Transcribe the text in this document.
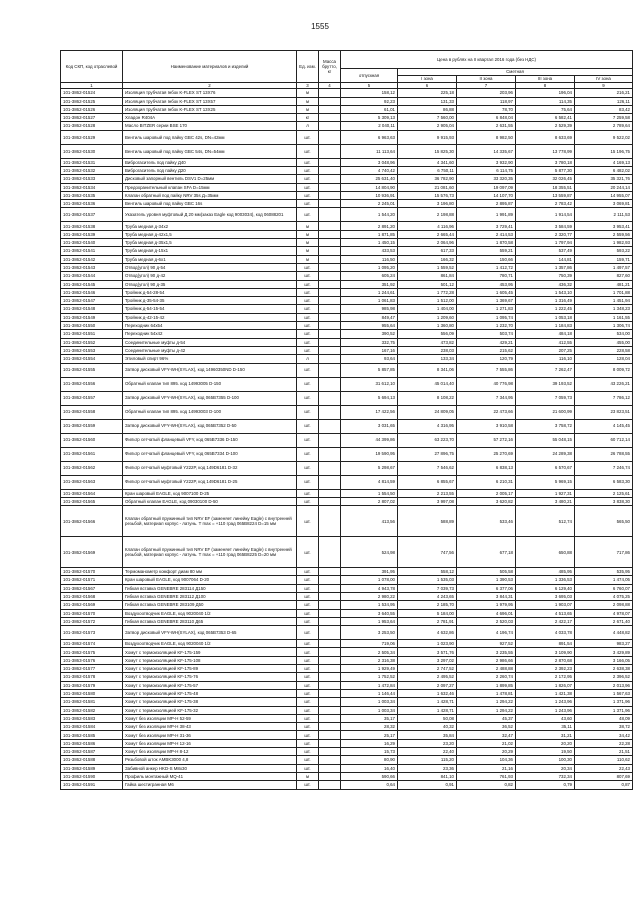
1555
Код СКП, код отраслевой	Наименование материалов и изделий	Ед. изм.	Масса брутто, кг	Цена в рублях на II квартал 2016 года (без НДС)				
				отпускная	Сметная			
					I зона	II зона	III зона	IV зона
1	2	3	4	5	6	7	8	9
101-3862-01524	Изоляция трубчатая Iнбок K-FLEX ST 13Х76	м		158,12	225,18	203,96	196,04	216,21
101-3862-01525	Изоляция трубчатая Iнбок K-FLEX ST 13Х57	м		92,23	131,33	118,97	114,35	126,11
101-3862-01526	Изоляция трубчатая Iнбок K-FLEX ST 13Х25	м		61,01	86,88	78,70	75,64	83,42
101-3862-01527	Хладон R404A	кг		5 309,13	7 560,00	6 848,04	6 582,41	7 259,58
101-3862-01528	Масло BITZER серии BSE 170	л		2 040,11	2 905,04	2 631,55	2 529,39	2 789,64
101-3862-01529	Вентиль шаровый под пайку GBC 42s, DN=42мм	шт.		6 963,63	9 915,93	8 982,50	8 633,69	9 522,02
101-3862-01530	Вентиль шаровый под пайку GBC 54s, DN=54мм	шт.		11 113,64	15 825,30	14 335,67	13 778,99	15 196,75
101-3862-01531	Виброгаситель под пайку Д40	шт.		3 048,96	4 341,60	3 932,90	3 780,18	4 169,13
101-3862-01532	Виброгаситель под пайку Д20	шт.		4 740,42	6 750,11	6 114,75	5 877,30	6 482,02
101-3862-01533	Дисковый запорный вентиль DSV1 D=25мм	шт.		25 631,40	36 782,90	33 320,35	32 026,45	35 321,76
101-3862-01534	Предохранительный клапан SFA D=15мм	шт.		14 804,90	21 081,60	19 097,09	18 355,51	20 244,14
101-3862-01535	Клапан обратный под пайку NRV 35s Д=35мм	шт.		10 936,91	15 576,73	14 107,70	13 559,87	14 955,07
101-3862-01536	Вентиль шаровый под пайку GBC 16s	шт.		2 245,01	3 196,80	2 895,87	2 783,42	3 069,81
101-3862-01537	Указатель уровня муфтовый Д 20 мм(заказ Eagle код 9003034), код 06088201	шт.		1 544,20	2 198,88	1 991,89	1 914,54	2 111,53
101-3862-01538	Труба медная д-34х2	м		2 891,20	4 116,96	3 729,41	3 584,59	3 953,41
101-3862-01539	Труба медная д-42х1,5	м		1 871,85	2 665,44	2 414,53	2 320,77	2 559,56
101-3862-01540	Труба медная д-35х1,5	м		1 450,15	2 064,96	1 870,58	1 797,94	1 982,93
101-3862-01541	Труба медная д-15х1	м		433,53	617,33	559,21	537,49	593,22
101-3862-01542	Труба медная д-6х1	м		116,50	166,32	150,66	144,81	159,71
101-3862-01543	Отвод(угол) 90 д-54	шт.		1 095,20	1 559,52	1 412,72	1 357,86	1 497,57
101-3862-01544	Отвод(угол) 90 д-42	шт.		605,24	861,84	780,71	750,39	827,60
101-3862-01545	Отвод(угол) 90 д-35	шт.		351,92	501,12	453,95	436,32	481,21
101-3862-01546	Тройник д-54-28-54	шт.		1 244,61	1 772,28	1 605,45	1 543,10	1 701,88
101-3862-01547	Тройник д-35-54-35	шт.		1 061,83	1 512,00	1 369,67	1 316,49	1 451,94
101-3862-01548	Тройник д-54-15-54	шт.		985,98	1 404,00	1 271,83	1 222,45	1 348,23
101-3862-01549	Тройник д-42-15-42	шт.		849,47	1 209,60	1 095,74	1 053,18	1 161,55
101-3862-01550	Переходник 64х54	шт.		955,64	1 360,80	1 232,70	1 184,83	1 306,74
101-3862-01551	Переходник 54х42	шт.		390,52	556,09	503,74	484,18	534,00
101-3862-01552	Соединительные муфты д-54	шт.		332,75	473,82	429,21	412,55	455,00
101-3862-01553	Соединительные муфты д-42	шт.		167,16	238,03	215,62	207,25	228,58
101-3862-01554	Этиловый спирт 96%	л		93,64	133,34	120,79	116,10	128,04
101-3862-01555	Затвор дисковый VFY-WH(SYLAX), код 14960350ND D-150	шт.		5 857,85	8 341,06	7 555,86	7 262,47	8 009,72
101-3862-01556	Обратный клапан тип 895. код 14993005 D-150	шт.		31 612,10	45 014,40	40 776,98	39 193,52	43 226,21
101-3862-01557	Затвор дисковый VFY-WH(SYLAX), код 065B7355 D-100	шт.		5 694,13	8 108,22	7 344,95	7 059,73	7 786,12
101-3862-01558	Обратный клапан тип 895. код 14993003 D-100	шт.		17 422,56	24 809,05	22 473,66	21 600,99	23 823,51
101-3862-01559	Затвор дисковый VFY-WH(SYLAX), код 065B7352 D-50	шт.		3 031,65	4 316,95	3 910,58	3 758,72	4 145,45
101-3862-01560	Фильтр сетчатый фланцевый VFY, код 065B7336 D-150	шт.		44 399,86	63 223,70	57 272,16	55 048,15	60 712,14
101-3862-01561	Фильтр сетчатый фланцевый VFY, код 065B7334 D-100	шт.		19 590,95	27 896,75	25 270,69	24 289,38	26 788,55
101-3862-01562	Фильтр сетчатый муфтовый Y222P, код 149D6181 D-32	шт.		5 298,67	7 546,62	6 838,13	6 570,67	7 246,74
101-3862-01563	Фильтр сетчатый муфтовый Y222P, код 149D6181 D-25	шт.		4 814,59	6 855,67	6 210,31	5 969,15	6 583,30
101-3862-01564	Кран шаровый EAGLE, код 9007100 D-25	шт.		1 554,50	2 213,55	2 005,17	1 927,31	2 125,61
101-3862-01565	Обратный клапан EAGLE, код 09030100 D-50	шт.		2 807,02	3 997,08	3 620,82	3 480,21	3 838,30
101-3862-01566	Клапан обратный пружинный тип NRV EF (заменяет линейку Eagle) с внутренней резьбой, материал корпус - латунь. Т max = +110 град 065B8224 D=15 мм	шт.		413,56	588,89	533,46	512,74	565,50
101-3862-01569	Клапан обратный пружинный тип NRV EF (заменяет линейку Eagle) с внутренней резьбой, материал корпус - латунь. Т max = +110 град 065B8225 D=20 мм	шт.		524,98	747,56	677,18	650,88	717,86
101-3862-01570	Термоманометр комфорт диам 80 мм	шт.		391,95	558,12	505,58	485,95	535,95
101-3862-01571	Кран шаровый EAGLE, код 9007064 D-20	шт.		1 078,00	1 535,03	1 390,53	1 336,53	1 474,05
101-3862-01567	Гибкая вставка GENEBRE 283114 Д150	шт.		4 943,78	7 039,73	6 377,06	6 129,40	6 760,07
101-3862-01568	Гибкая вставка GENEBRE 283112 Д100	шт.		2 980,22	4 243,65	3 844,31	3 695,03	4 075,25
101-3862-01569	Гибкая вставка GENEBRE 283109 Д50	шт.		1 534,95	2 185,70	1 979,95	1 903,07	2 098,88
101-3862-01570	Воздухоотводчик EAGLE, код 9020040 1/2	шт.		3 640,55	5 184,00	4 696,01	4 513,65	4 978,07
101-3862-01572	Гибкая вставка GENEBRE 283110 Д65	шт.		1 953,64	2 781,91	2 520,03	2 422,17	2 671,40
101-3862-01573	Затвор дисковый VFY-WH(SYLAX), код 065B7353 D-65	шт.		3 253,50	4 632,86	4 196,74	4 033,78	4 448,82
101-3862-01574	Воздухоотводчик EAGLE, код 9020040 1/2	шт.		719,06	1 023,90	927,52	891,54	983,27
101-3862-01575	Хомут с термоизоляцией KF-175-159	шт.		2 505,34	3 571,76	3 235,55	3 109,90	3 429,89
101-3863-01576	Хомут с термоизоляцией KF-175-108	шт.		2 316,38	3 297,02	2 986,66	2 870,68	3 166,05
101-3862-01577	Хомут с термоизоляцией KF-175-89	шт.		1 929,49	2 747,52	2 488,88	2 392,23	2 638,38
101-3862-01578	Хомут с термоизоляцией KF-175-76	шт.		1 752,52	2 495,52	2 260,74	2 172,95	2 396,52
101-3862-01579	Хомут с термоизоляцией KF-175-57	шт.		1 472,84	2 097,27	1 899,85	1 826,07	2 013,96
101-3862-01580	Хомут с термоизоляцией KF-175-48	шт.		1 146,44	1 632,46	1 478,81	1 421,38	1 567,63
101-3862-01581	Хомут с термоизоляцией KF-175-38	шт.		1 003,34	1 428,71	1 294,22	1 243,96	1 371,96
101-3862-01582	Хомут с термоизоляцией KF-175-32	шт.		1 003,34	1 428,71	1 294,22	1 243,96	1 371,96
101-3862-01583	Хомут без изоляции МР-Н 52-59	шт.		35,17	50,08	45,37	43,60	48,09
101-3862-01584	Хомут без изоляции МР-Н 38-43	шт.		28,32	40,32	36,52	35,11	38,72
101-3862-01585	Хомут без изоляции МР-Н 31-36	шт.		25,17	35,84	32,47	31,21	34,42
101-3862-01586	Хомут без изоляции МР-Н 12-16	шт.		16,29	23,20	21,02	20,20	22,28
101-3862-01587	Хомут без изоляции МР-Н 8-12	шт.		15,73	22,40	20,29	19,50	21,51
101-3862-01588	Резьбовой шток AMBK3000 4,8	шт.		80,90	115,20	104,36	100,30	110,62
101-3862-01589	Забивной анкер HKD-S M8х30	шт.		16,40	23,36	21,16	20,34	22,43
101-3862-01590	Профиль монтажный MQ-41	м		590,66	841,10	761,93	732,34	807,69
101-3862-01591	Гайка шестигранная M6	шт.		0,64	0,91	0,82	0,79	0,87
